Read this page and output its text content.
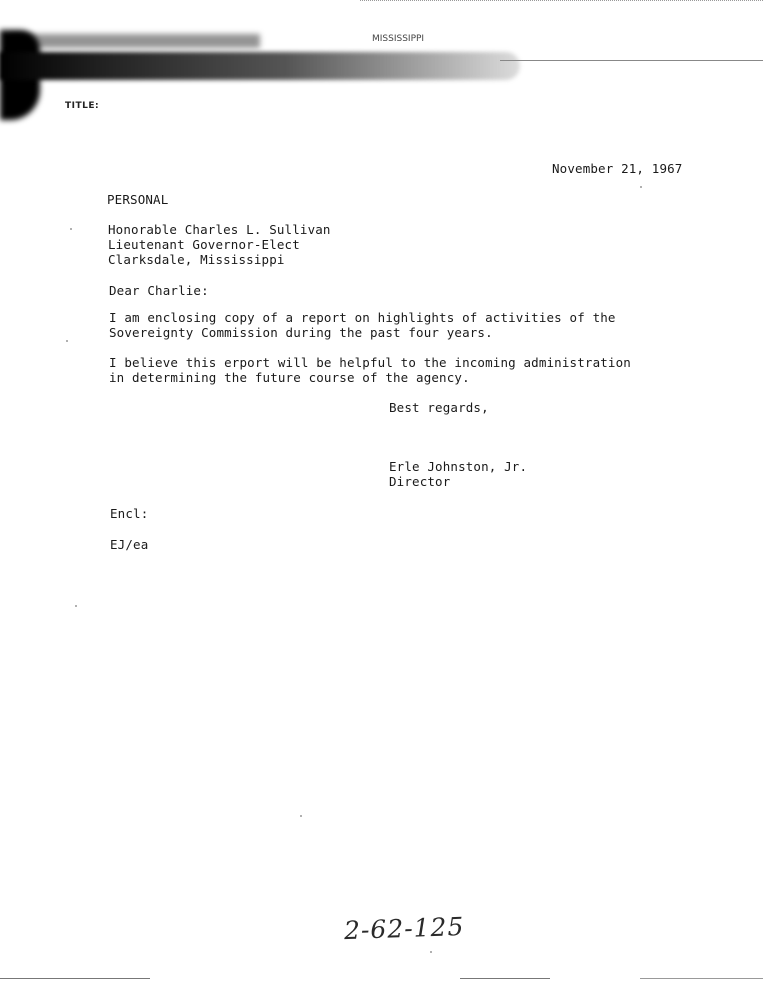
MISSISSIPPI
TITLE:
November 21, 1967
PERSONAL
Honorable Charles L. Sullivan
Lieutenant Governor-Elect
Clarksdale, Mississippi
Dear Charlie:
I am enclosing copy of a report on highlights of activities of the
Sovereignty Commission during the past four years.
I believe this erport will be helpful to the incoming administration
in determining the future course of the agency.
Best regards,
Erle Johnston, Jr.
Director
Encl:
EJ/ea
2-62-125
